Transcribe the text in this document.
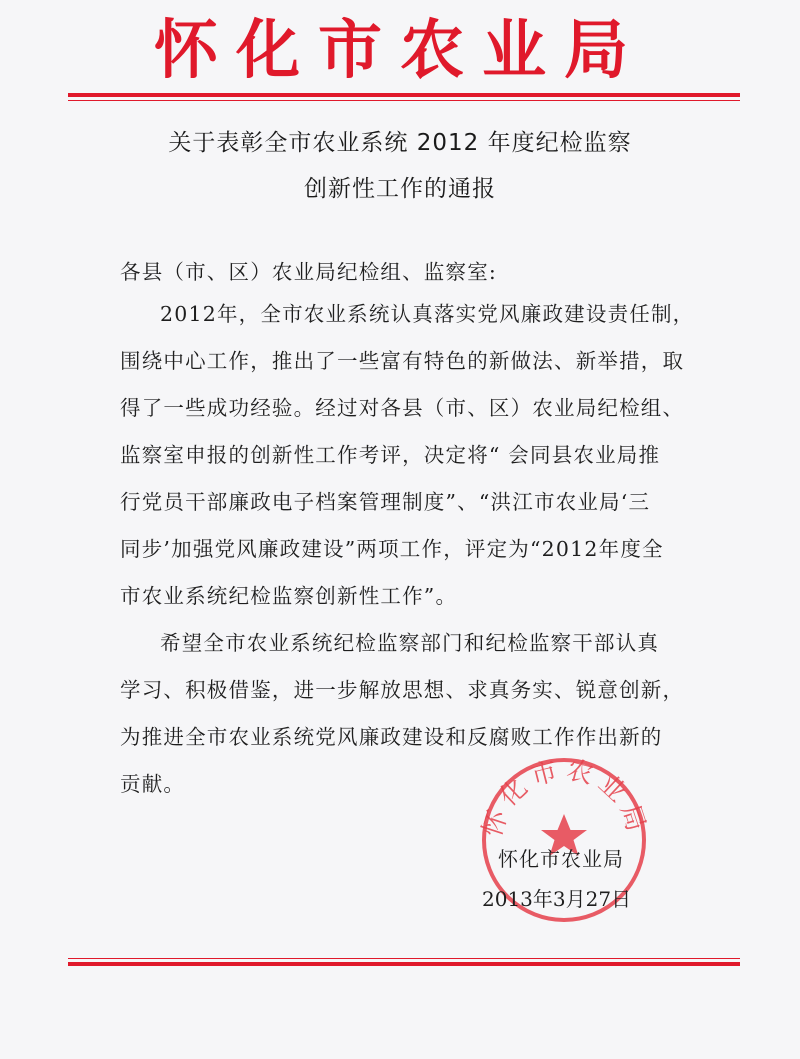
怀化市农业局
关于表彰全市农业系统 2012 年度纪检监察
创新性工作的通报
各县（市、区）农业局纪检组、监察室:
2012年，全市农业系统认真落实党风廉政建设责任制，
围绕中心工作，推出了一些富有特色的新做法、新举措，取
得了一些成功经验。经过对各县（市、区）农业局纪检组、
监察室申报的创新性工作考评，决定将“ 会同县农业局推
行党员干部廉政电子档案管理制度”、“洪江市农业局‘三
同步’加强党风廉政建设”两项工作，评定为“2012年度全
市农业系统纪检监察创新性工作”。
希望全市农业系统纪检监察部门和纪检监察干部认真
学习、积极借鉴，进一步解放思想、求真务实、锐意创新，
为推进全市农业系统党风廉政建设和反腐败工作作出新的
贡献。
怀化市农业局
怀化市农业局
2013年3月27日
